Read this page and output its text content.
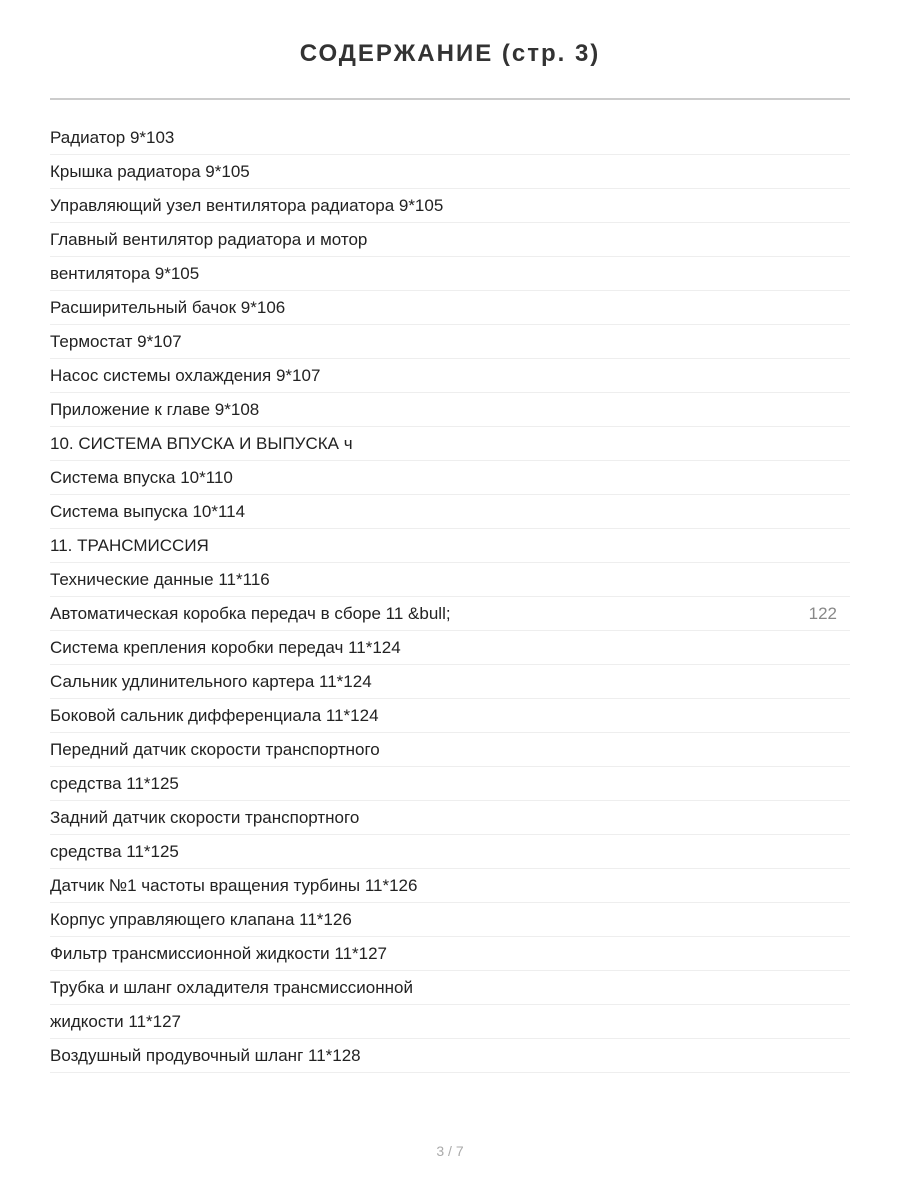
СОДЕРЖАНИЕ (стр. 3)
Радиатор 9*103
Крышка радиатора 9*105
Управляющий узел вентилятора радиатора 9*105
Главный вентилятор радиатора и мотор
вентилятора 9*105
Расширительный бачок 9*106
Термостат 9*107
Насос системы охлаждения 9*107
Приложение к главе 9*108
10. СИСТЕМА ВПУСКА И ВЫПУСКА ч
Система впуска 10*110
Система выпуска 10*114
11. ТРАНСМИССИЯ
Технические данные 11*116
Автоматическая коробка передач в сборе 11 &bull;	122
Система крепления коробки передач 11*124
Сальник удлинительного картера 11*124
Боковой сальник дифференциала 11*124
Передний датчик скорости транспортного
средства 11*125
Задний датчик скорости транспортного
средства 11*125
Датчик №1 частоты вращения турбины 11*126
Корпус управляющего клапана 11*126
Фильтр трансмиссионной жидкости 11*127
Трубка и шланг охладителя трансмиссионной
жидкости 11*127
Воздушный продувочный шланг 11*128
3 / 7
